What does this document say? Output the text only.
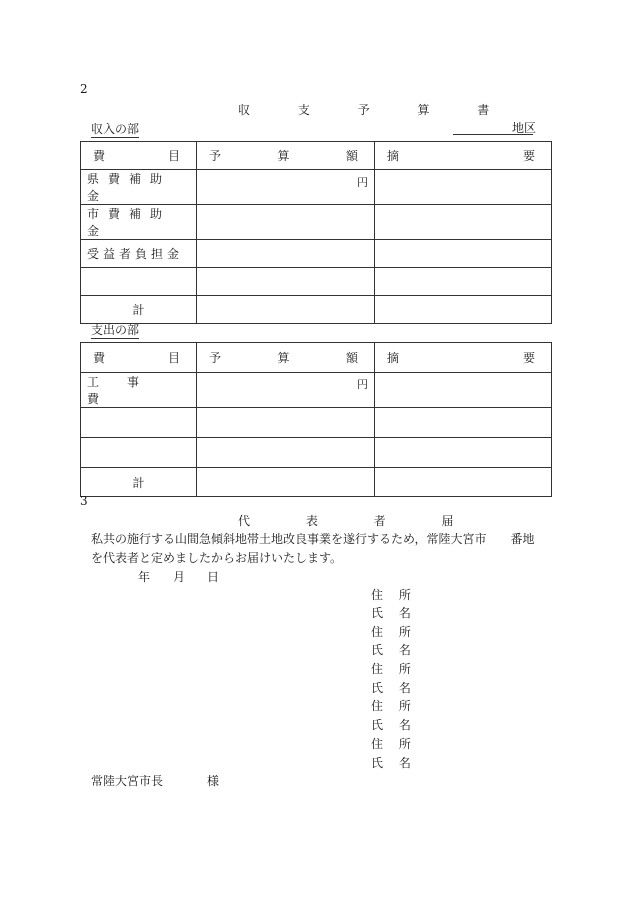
2
収 支 予 算 書
収入の部	地区
費 目	予 算 額	摘 要

県費補助金	円	

市費補助金		

受益者負担金		

計		
支出の部
費 目	予 算 額	摘 要

工事費	円	

計		
3
代 表 者 届
私共の施行する山間急傾斜地帯土地改良事業を遂行するため，常陸大宮市　　番地
を代表者と定めましたからお届けいたします。
年 月 日
住 所
氏 名
住 所
氏 名
住 所
氏 名
住 所
氏 名
住 所
氏 名
常陸大宮市長	様
